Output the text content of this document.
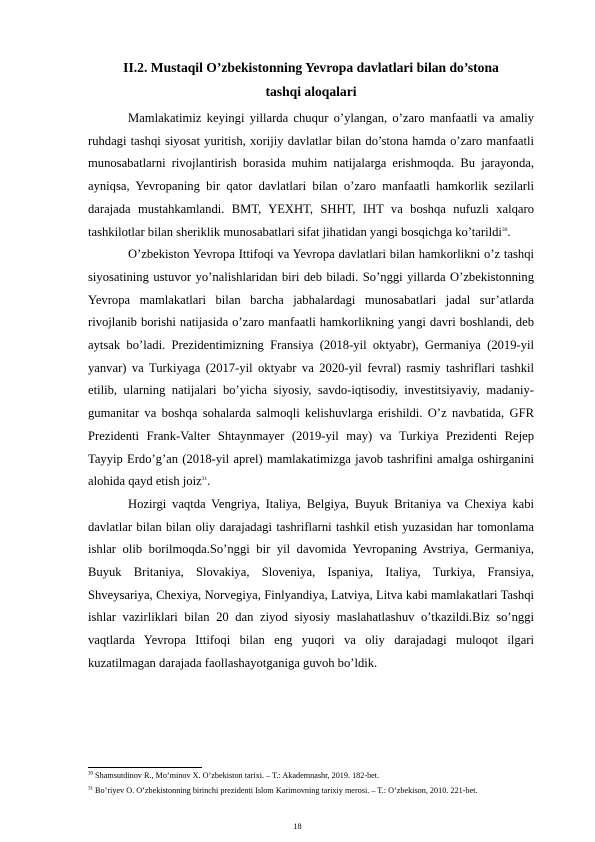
II.2. Mustaqil O’zbekistonning Yevropa davlatlari bilan do’stona
tashqi aloqalari

Mamlakatimiz keyingi yillarda chuqur o’ylangan, o’zaro manfaatli va amaliy ruhdagi tashqi siyosat yuritish, xorijiy davlatlar bilan do’stona hamda o’zaro manfaatli munosabatlarni rivojlantirish borasida muhim natijalarga erishmoqda. Bu jarayonda, ayniqsa, Yevropaning bir qator davlatlari bilan o’zaro manfaatli hamkorlik sezilarli darajada mustahkamlandi. BMT, YEXHT, SHHT, IHT va boshqa nufuzli xalqaro tashkilotlar bilan sheriklik munosabatlari sifat jihatidan yangi bosqichga ko’tarildi$^{30}$.

O’zbekiston Yevropa Ittifoqi va Yevropa davlatlari bilan hamkorlikni o’z tashqi siyosatining ustuvor yo’nalishlaridan biri deb biladi. So’nggi yillarda O’zbekistonning Yevropa mamlakatlari bilan barcha jabhalardagi munosabatlari jadal sur’atlarda rivojlanib borishi natijasida o’zaro manfaatli hamkorlikning yangi davri boshlandi, deb aytsak bo’ladi. Prezidentimizning Fransiya (2018-yil oktyabr), Germaniya (2019-yil yanvar) va Turkiyaga (2017-yil oktyabr va 2020-yil fevral) rasmiy tashriflari tashkil etilib, ularning natijalari bo’yicha siyosiy, savdo-iqtisodiy, investitsiyaviy, madaniy-gumanitar va boshqa sohalarda salmoqli kelishuvlarga erishildi. O’z navbatida, GFR Prezidenti Frank-Valter Shtaynmayer (2019-yil may) va Turkiya Prezidenti Rejep Tayyip Erdo’g’an (2018-yil aprel) mamlakatimizga javob tashrifini amalga oshirganini alohida qayd etish joiz$^{31}$.

Hozirgi vaqtda Vengriya, Italiya, Belgiya, Buyuk Britaniya va Chexiya kabi davlatlar bilan bilan oliy darajadagi tashriflarni tashkil etish yuzasidan har tomonlama ishlar olib borilmoqda.So’nggi bir yil davomida Yevropaning Avstriya, Germaniya, Buyuk Britaniya, Slovakiya, Sloveniya, Ispaniya, Italiya, Turkiya, Fransiya, Shveysariya, Chexiya, Norvegiya, Finlyandiya, Latviya, Litva kabi mamlakatlari Tashqi ishlar vazirliklari bilan 20 dan ziyod siyosiy maslahatlashuv o’tkazildi.Biz so’nggi vaqtlarda Yevropa Ittifoqi bilan eng yuqori va oliy darajadagi muloqot ilgari kuzatilmagan darajada faollashayotganiga guvoh bo’ldik.

$^{30}$ Shamsutdinov R., Mo’minov X. O’zbekiston tarixi. – T.: Akademnashr, 2019. 182-bet.
$^{31}$ Bo’riyev O. O’zbekistonning birinchi prezidenti Islom Karimovning tarixiy merosi. – T.: O’zbekison, 2010. 221-bet.
18
